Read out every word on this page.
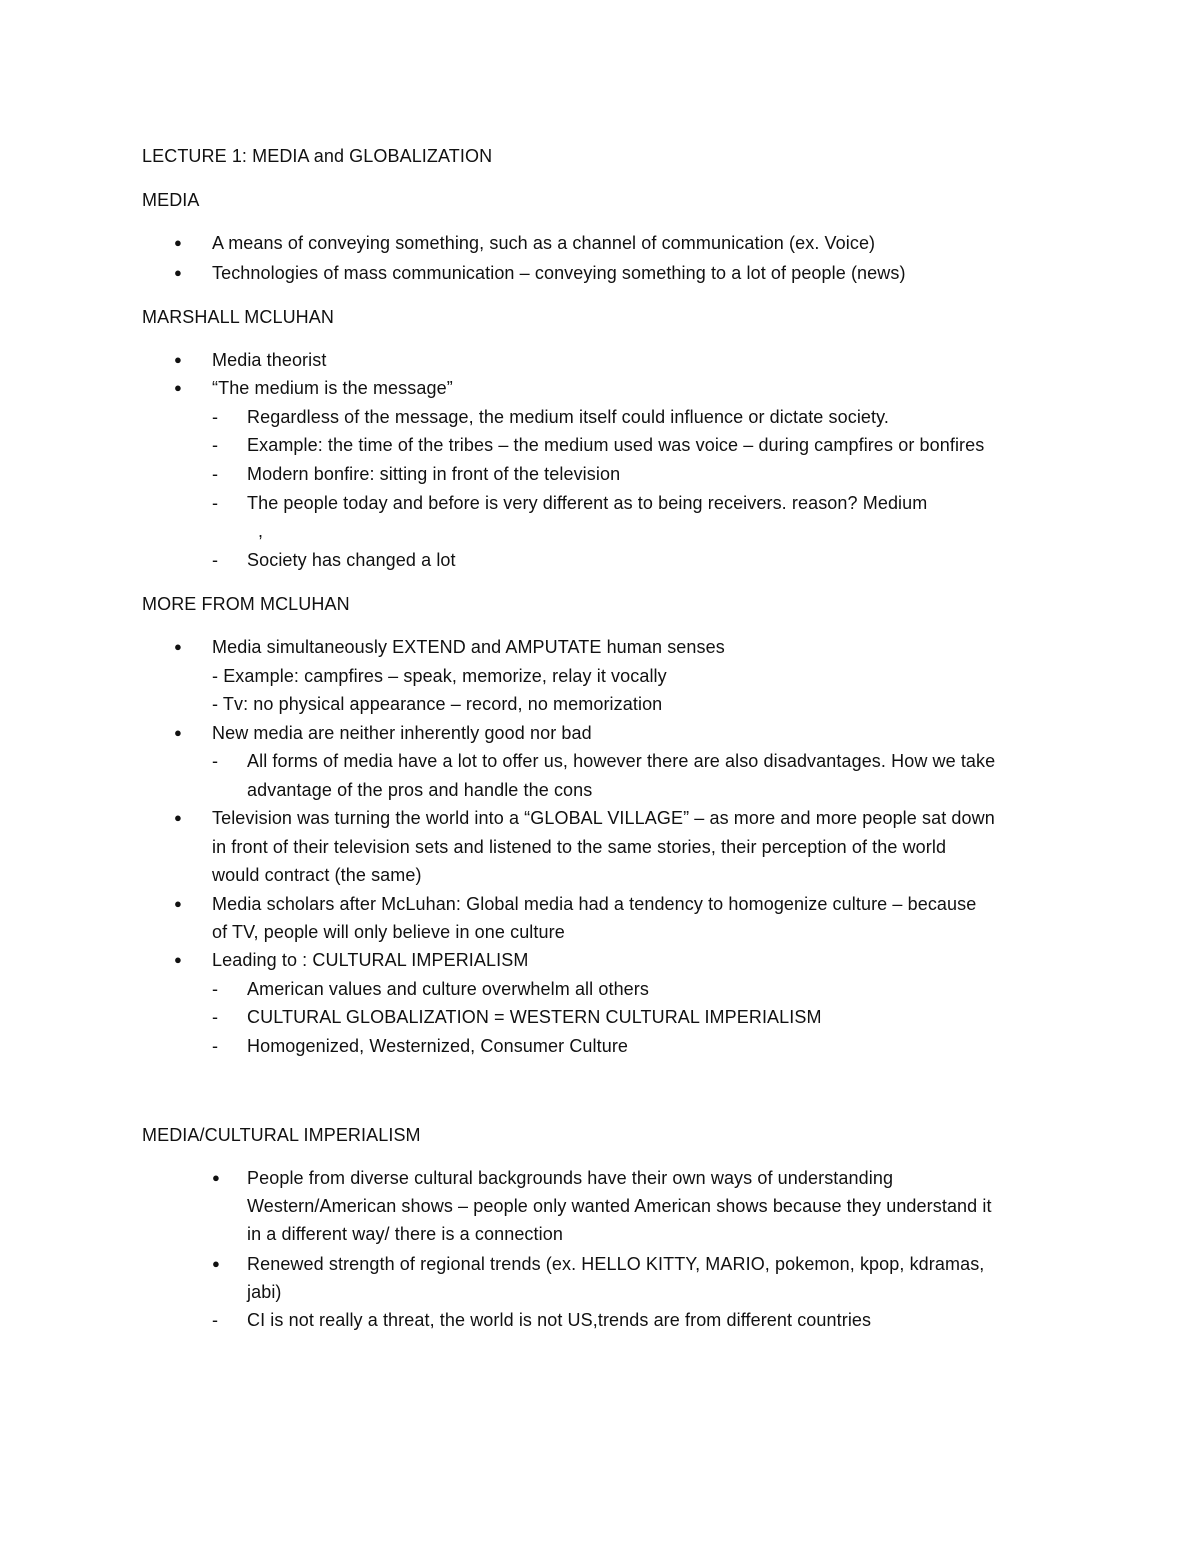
LECTURE 1: MEDIA and GLOBALIZATION
MEDIA
● A means of conveying something, such as a channel of communication (ex. Voice)
● Technologies of mass communication – conveying something to a lot of people (news)
MARSHALL MCLUHAN
● Media theorist
● “The medium is the message”
- Regardless of the message, the medium itself could influence or dictate society.
- Example: the time of the tribes – the medium used was voice – during campfires or bonfires
- Modern bonfire: sitting in front of the television
- The people today and before is very different as to being receivers. reason? Medium
,
- Society has changed a lot
MORE FROM MCLUHAN
● Media simultaneously EXTEND and AMPUTATE human senses
- Example: campfires – speak, memorize, relay it vocally
- Tv: no physical appearance – record, no memorization
● New media are neither inherently good nor bad
- All forms of media have a lot to offer us, however there are also disadvantages. How we take
advantage of the pros and handle the cons
● Television was turning the world into a “GLOBAL VILLAGE” – as more and more people sat down
in front of their television sets and listened to the same stories, their perception of the world
would contract (the same)
● Media scholars after McLuhan: Global media had a tendency to homogenize culture – because
of TV, people will only believe in one culture
● Leading to : CULTURAL IMPERIALISM
- American values and culture overwhelm all others
- CULTURAL GLOBALIZATION = WESTERN CULTURAL IMPERIALISM
- Homogenized, Westernized, Consumer Culture
MEDIA/CULTURAL IMPERIALISM
● People from diverse cultural backgrounds have their own ways of understanding
Western/American shows – people only wanted American shows because they understand it
in a different way/ there is a connection
● Renewed strength of regional trends (ex. HELLO KITTY, MARIO, pokemon, kpop, kdramas,
jabi)
- CI is not really a threat, the world is not US,trends are from different countries
